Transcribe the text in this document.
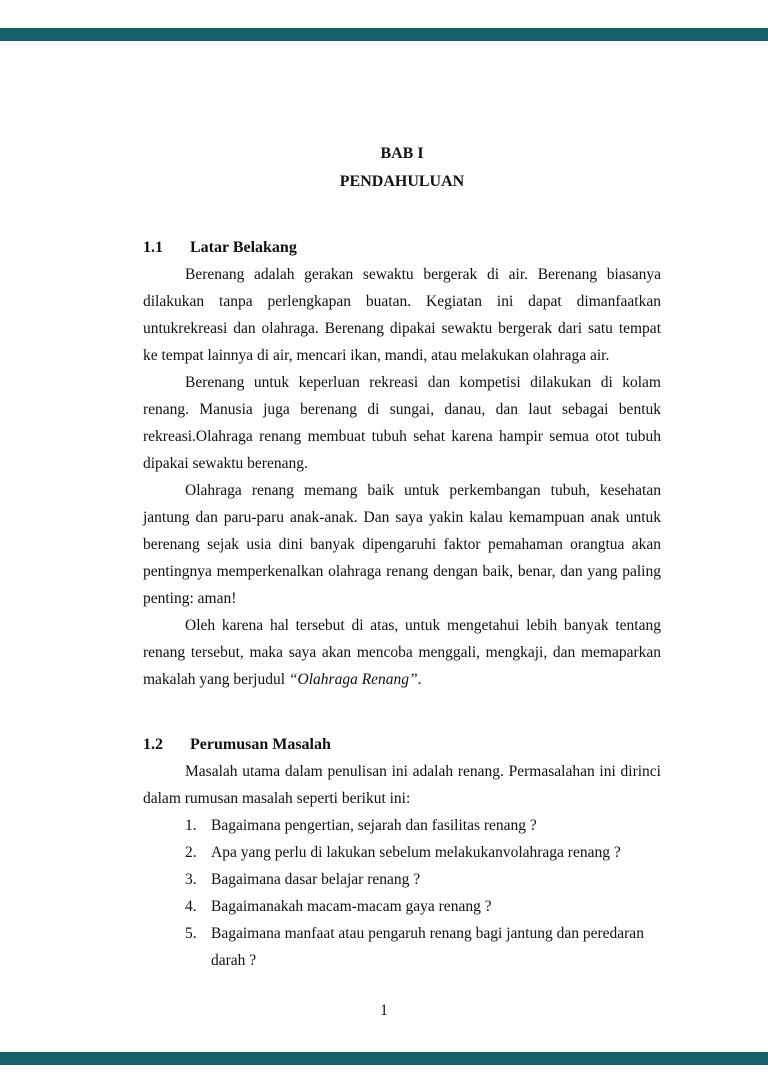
BAB I
PENDAHULUAN
1.1	Latar Belakang

Berenang adalah gerakan sewaktu bergerak di air. Berenang biasanya dilakukan tanpa perlengkapan buatan. Kegiatan ini dapat dimanfaatkan untukrekreasi dan olahraga. Berenang dipakai sewaktu bergerak dari satu tempat ke tempat lainnya di air, mencari ikan, mandi, atau melakukan olahraga air.

Berenang untuk keperluan rekreasi dan kompetisi dilakukan di kolam renang. Manusia juga berenang di sungai, danau, dan laut sebagai bentuk rekreasi.Olahraga renang membuat tubuh sehat karena hampir semua otot tubuh dipakai sewaktu berenang.

Olahraga renang memang baik untuk perkembangan tubuh, kesehatan jantung dan paru-paru anak-anak. Dan saya yakin kalau kemampuan anak untuk berenang sejak usia dini banyak dipengaruhi faktor pemahaman orangtua akan pentingnya memperkenalkan olahraga renang dengan baik, benar, dan yang paling penting: aman!

Oleh karena hal tersebut di atas, untuk mengetahui lebih banyak tentang renang tersebut, maka saya akan mencoba menggali, mengkaji, dan memaparkan makalah yang berjudul “Olahraga Renang”.

1.2	Perumusan Masalah

Masalah utama dalam penulisan ini adalah renang. Permasalahan ini dirinci dalam rumusan masalah seperti berikut ini:

1. Bagaimana pengertian, sejarah dan fasilitas renang ?
2. Apa yang perlu di lakukan sebelum melakukanvolahraga renang ?
3. Bagaimana dasar belajar renang ?
4. Bagaimanakah macam-macam gaya renang ?
5. Bagaimana manfaat atau pengaruh renang bagi jantung dan peredaran darah ?
1
